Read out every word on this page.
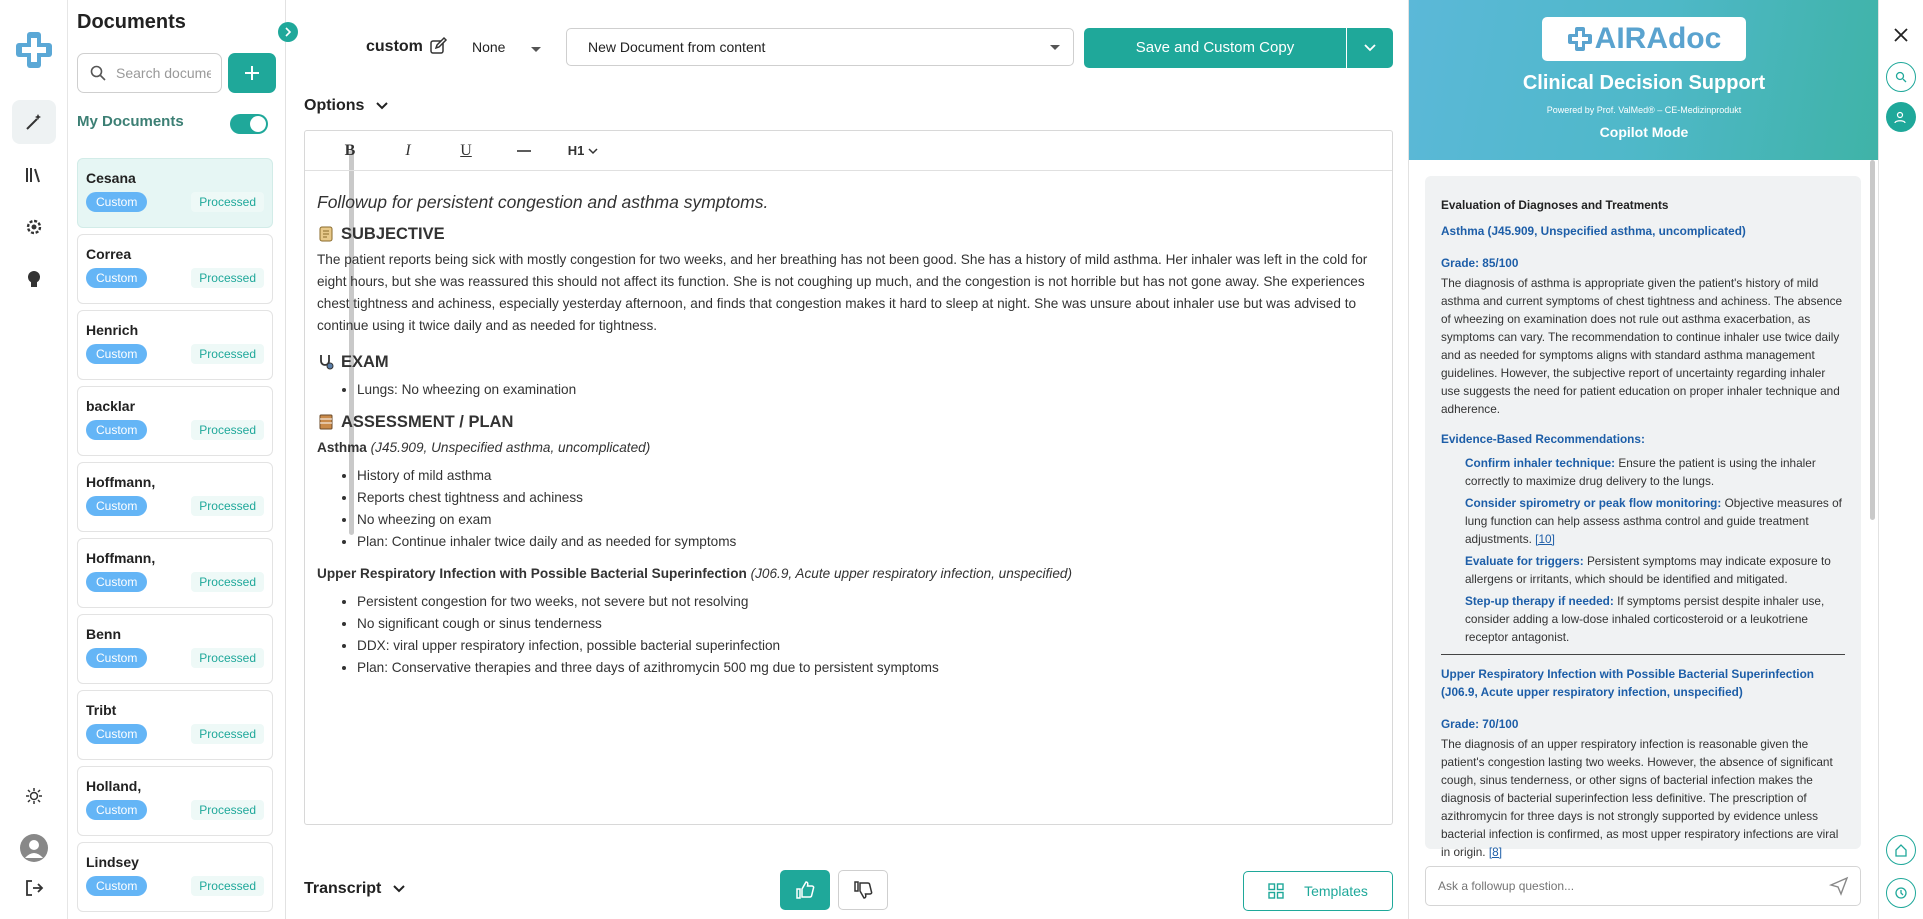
Documents
Search documents
My Documents
Cesana
Custom	Processed
Correa
Custom	Processed
Henrich
Custom	Processed
backlar
Custom	Processed
Hoffmann,
Custom	Processed
Hoffmann,
Custom	Processed
Benn
Custom	Processed
Tribt
Custom	Processed
Holland,
Custom	Processed
Lindsey
Custom	Processed
custom	None	New Document from content	Save and Custom Copy
Options
B	I	U	H1
Followup for persistent congestion and asthma symptoms.
SUBJECTIVE

The patient reports being sick with mostly congestion for two weeks, and her breathing has not been good. She has a history of mild asthma. Her inhaler was left in the cold for eight hours, but she was reassured this should not affect its function. She is not coughing up much, and the congestion is not horrible but has not gone away. She experiences chest tightness and achiness, especially yesterday afternoon, and finds that congestion makes it hard to sleep at night. She was unsure about inhaler use but was advised to continue using it twice daily and as needed for tightness.

EXAM
• Lungs: No wheezing on examination
ASSESSMENT / PLAN
Asthma (J45.909, Unspecified asthma, uncomplicated)
• History of mild asthma
• Reports chest tightness and achiness
• No wheezing on exam
• Plan: Continue inhaler twice daily and as needed for symptoms
Upper Respiratory Infection with Possible Bacterial Superinfection (J06.9, Acute upper respiratory infection, unspecified)
• Persistent congestion for two weeks, not severe but not resolving
• No significant cough or sinus tenderness
• DDX: viral upper respiratory infection, possible bacterial superinfection
• Plan: Conservative therapies and three days of azithromycin 500 mg due to persistent symptoms
Transcript	Templates
AIRAdoc
Clinical Decision Support
Powered by Prof. ValMed® – CE-Medizinprodukt
Copilot Mode
Evaluation of Diagnoses and Treatments
Asthma (J45.909, Unspecified asthma, uncomplicated)
Grade: 85/100
The diagnosis of asthma is appropriate given the patient's history of mild asthma and current symptoms of chest tightness and achiness. The absence of wheezing on examination does not rule out asthma exacerbation, as symptoms can vary. The recommendation to continue inhaler use twice daily and as needed for symptoms aligns with standard asthma management guidelines. However, the subjective report of uncertainty regarding inhaler use suggests the need for patient education on proper inhaler technique and adherence.
Evidence-Based Recommendations:
Confirm inhaler technique: Ensure the patient is using the inhaler correctly to maximize drug delivery to the lungs.
Consider spirometry or peak flow monitoring: Objective measures of lung function can help assess asthma control and guide treatment adjustments. [10]
Evaluate for triggers: Persistent symptoms may indicate exposure to allergens or irritants, which should be identified and mitigated.
Step-up therapy if needed: If symptoms persist despite inhaler use, consider adding a low-dose inhaled corticosteroid or a leukotriene receptor antagonist.
Upper Respiratory Infection with Possible Bacterial Superinfection (J06.9, Acute upper respiratory infection, unspecified)
Grade: 70/100
The diagnosis of an upper respiratory infection is reasonable given the patient's congestion lasting two weeks. However, the absence of significant cough, sinus tenderness, or other signs of bacterial infection makes the diagnosis of bacterial superinfection less definitive. The prescription of azithromycin for three days is not strongly supported by evidence unless bacterial infection is confirmed, as most upper respiratory infections are viral in origin. [8]
Ask a followup question...
